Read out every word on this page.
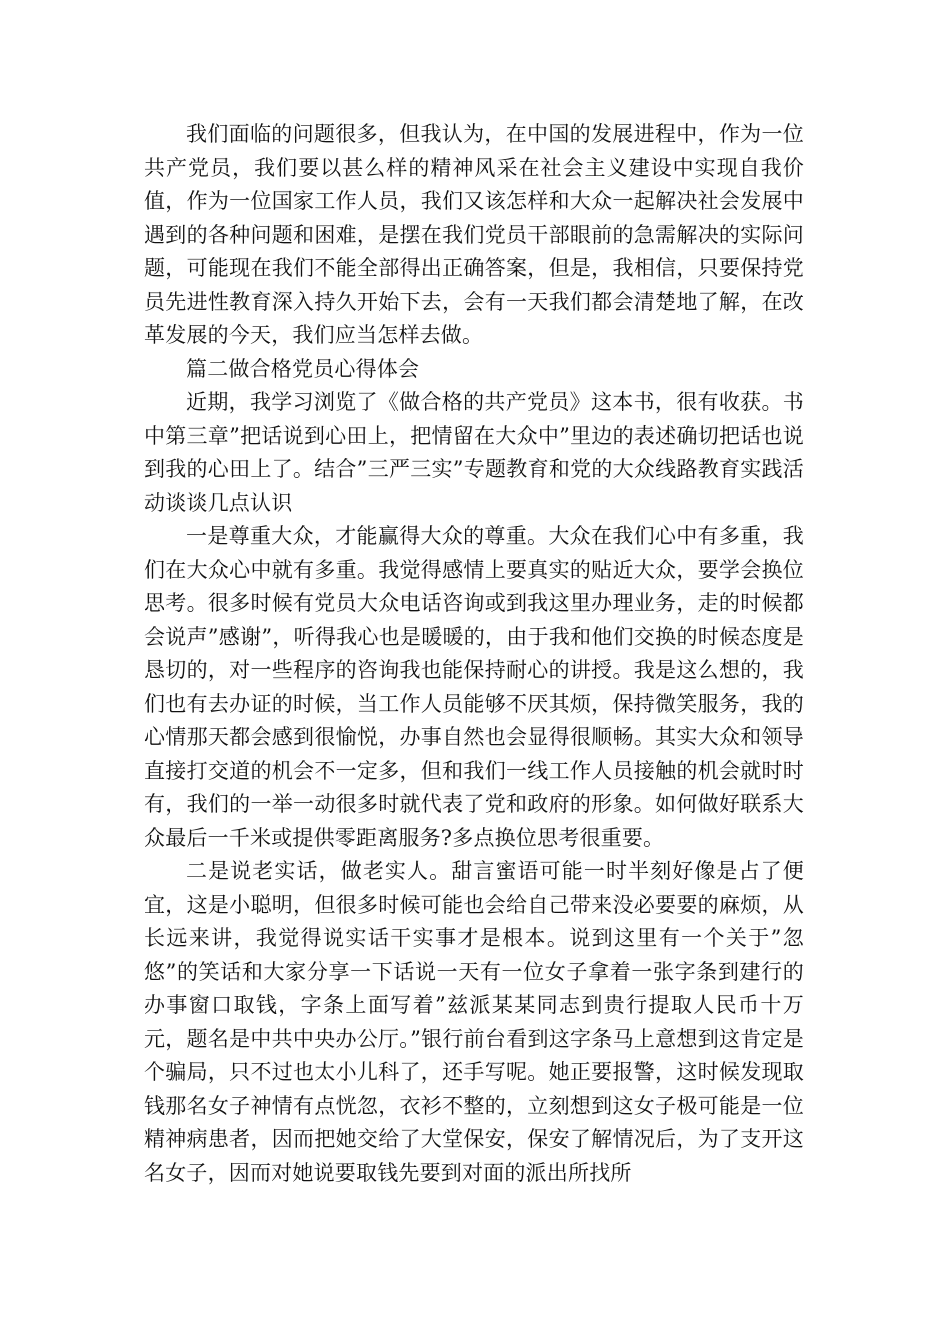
我们面临的问题很多，但我认为，在中国的发展进程中，作为一位共产党员，我们要以甚么样的精神风采在社会主义建设中实现自我价值，作为一位国家工作人员，我们又该怎样和大众一起解决社会发展中遇到的各种问题和困难，是摆在我们党员干部眼前的急需解决的实际问题，可能现在我们不能全部得出正确答案，但是，我相信，只要保持党员先进性教育深入持久开始下去，会有一天我们都会清楚地了解，在改革发展的今天，我们应当怎样去做。

篇二做合格党员心得体会

近期，我学习浏览了《做合格的共产党员》这本书，很有收获。书中第三章”把话说到心田上，把情留在大众中”里边的表述确切把话也说到我的心田上了。结合”三严三实”专题教育和党的大众线路教育实践活动谈谈几点认识

一是尊重大众，才能赢得大众的尊重。大众在我们心中有多重，我们在大众心中就有多重。我觉得感情上要真实的贴近大众，要学会换位思考。很多时候有党员大众电话咨询或到我这里办理业务，走的时候都会说声”感谢”，听得我心也是暖暖的，由于我和他们交换的时候态度是恳切的，对一些程序的咨询我也能保持耐心的讲授。我是这么想的，我们也有去办证的时候，当工作人员能够不厌其烦，保持微笑服务，我的心情那天都会感到很愉悦，办事自然也会显得很顺畅。其实大众和领导直接打交道的机会不一定多，但和我们一线工作人员接触的机会就时时有，我们的一举一动很多时就代表了党和政府的形象。如何做好联系大众最后一千米或提供零距离服务?多点换位思考很重要。

二是说老实话，做老实人。甜言蜜语可能一时半刻好像是占了便宜，这是小聪明，但很多时候可能也会给自己带来没必要要的麻烦，从长远来讲，我觉得说实话干实事才是根本。说到这里有一个关于”忽悠”的笑话和大家分享一下话说一天有一位女子拿着一张字条到建行的办事窗口取钱，字条上面写着”兹派某某同志到贵行提取人民币十万元，题名是中共中央办公厅。”银行前台看到这字条马上意想到这肯定是个骗局，只不过也太小儿科了，还手写呢。她正要报警，这时候发现取钱那名女子神情有点恍忽，衣衫不整的，立刻想到这女子极可能是一位精神病患者，因而把她交给了大堂保安，保安了解情况后，为了支开这名女子，因而对她说要取钱先要到对面的派出所找所
